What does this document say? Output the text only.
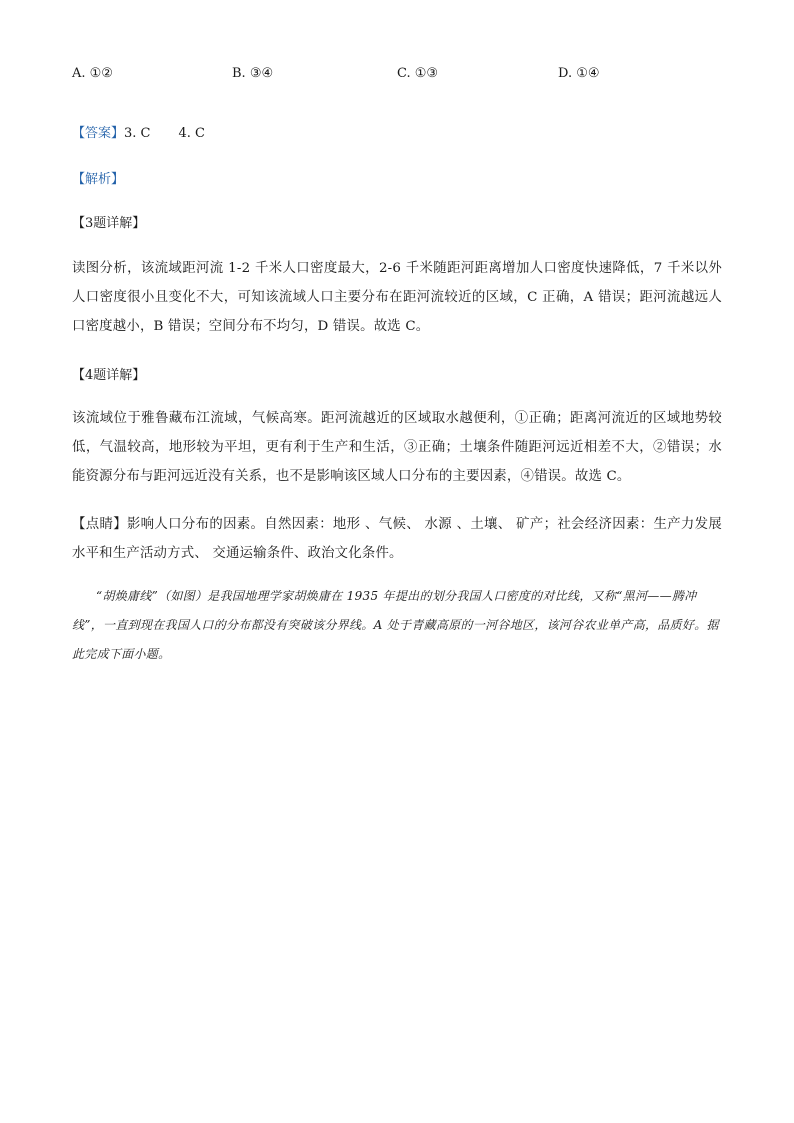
A. ①②	B. ③④	C. ①③	D. ①④
【答案】3. C 4. C
【解析】
【3题详解】
读图分析，该流域距河流 1-2 千米人口密度最大，2-6 千米随距河距离增加人口密度快速降低，7 千米以外人口密度很小且变化不大，可知该流域人口主要分布在距河流较近的区域，C 正确，A 错误；距河流越远人口密度越小，B 错误；空间分布不均匀，D 错误。故选 C。
【4题详解】
该流域位于雅鲁藏布江流域，气候高寒。距河流越近的区域取水越便利，①正确；距离河流近的区域地势较低，气温较高，地形较为平坦，更有利于生产和生活，③正确；土壤条件随距河远近相差不大，②错误；水能资源分布与距河远近没有关系，也不是影响该区域人口分布的主要因素，④错误。故选 C。
【点睛】影响人口分布的因素。自然因素：地形 、气候、 水源 、土壤、 矿产；社会经济因素：生产力发展水平和生产活动方式、 交通运输条件、政治文化条件。
“胡焕庸线”（如图）是我国地理学家胡焕庸在 1935 年提出的划分我国人口密度的对比线，又称“黑河——腾冲线”，一直到现在我国人口的分布都没有突破该分界线。A 处于青藏高原的一河谷地区，该河谷农业单产高，品质好。据此完成下面小题。
